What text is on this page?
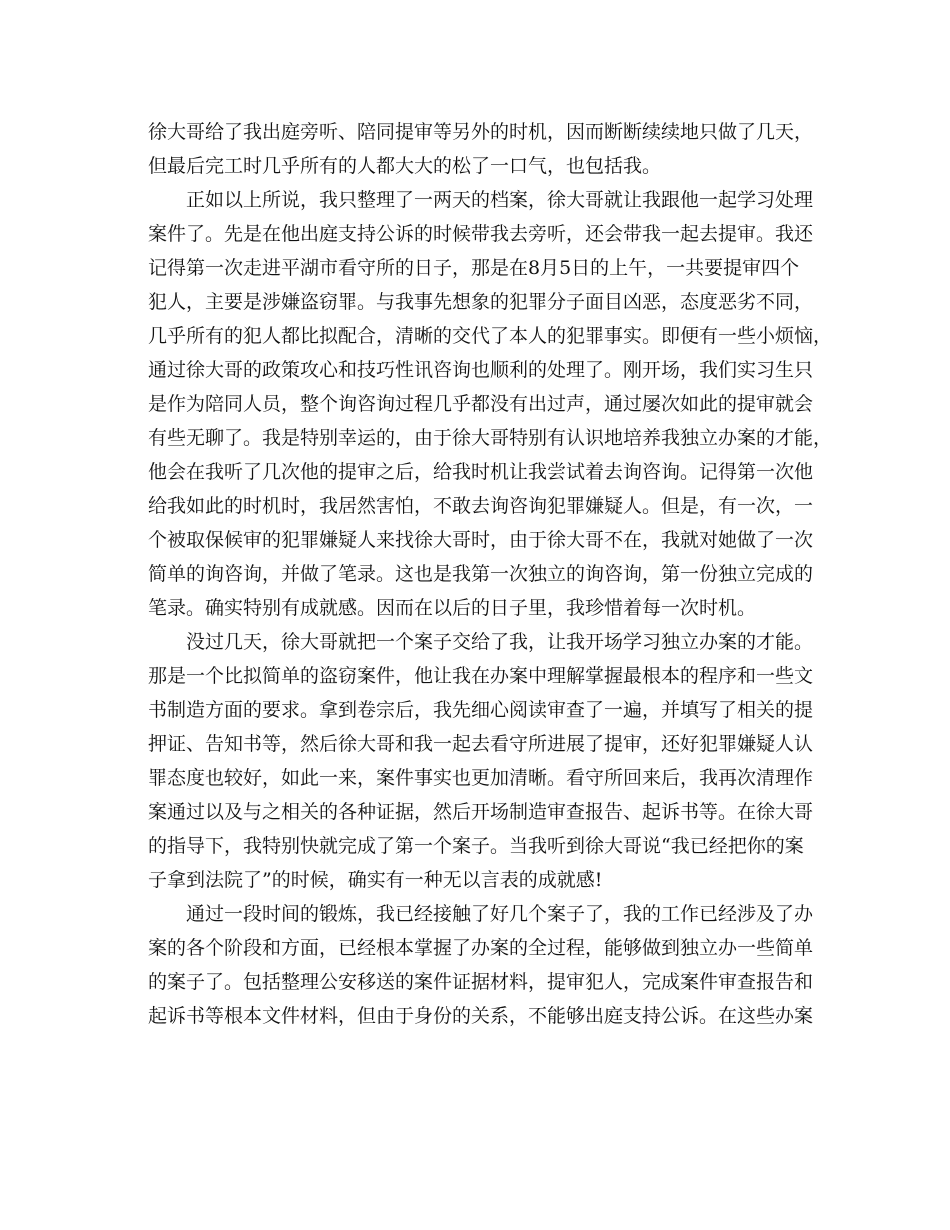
徐大哥给了我出庭旁听、陪同提审等另外的时机，因而断断续续地只做了几天，
但最后完工时几乎所有的人都大大的松了一口气，也包括我。
正如以上所说，我只整理了一两天的档案，徐大哥就让我跟他一起学习处理
案件了。先是在他出庭支持公诉的时候带我去旁听，还会带我一起去提审。我还
记得第一次走进平湖市看守所的日子，那是在8月5日的上午，一共要提审四个
犯人，主要是涉嫌盗窃罪。与我事先想象的犯罪分子面目凶恶，态度恶劣不同，
几乎所有的犯人都比拟配合，清晰的交代了本人的犯罪事实。即便有一些小烦恼，
通过徐大哥的政策攻心和技巧性讯咨询也顺利的处理了。刚开场，我们实习生只
是作为陪同人员，整个询咨询过程几乎都没有出过声，通过屡次如此的提审就会
有些无聊了。我是特别幸运的，由于徐大哥特别有认识地培养我独立办案的才能，
他会在我听了几次他的提审之后，给我时机让我尝试着去询咨询。记得第一次他
给我如此的时机时，我居然害怕，不敢去询咨询犯罪嫌疑人。但是，有一次，一
个被取保候审的犯罪嫌疑人来找徐大哥时，由于徐大哥不在，我就对她做了一次
简单的询咨询，并做了笔录。这也是我第一次独立的询咨询，第一份独立完成的
笔录。确实特别有成就感。因而在以后的日子里，我珍惜着每一次时机。
没过几天，徐大哥就把一个案子交给了我，让我开场学习独立办案的才能。
那是一个比拟简单的盗窃案件，他让我在办案中理解掌握最根本的程序和一些文
书制造方面的要求。拿到卷宗后，我先细心阅读审查了一遍，并填写了相关的提
押证、告知书等，然后徐大哥和我一起去看守所进展了提审，还好犯罪嫌疑人认
罪态度也较好，如此一来，案件事实也更加清晰。看守所回来后，我再次清理作
案通过以及与之相关的各种证据，然后开场制造审查报告、起诉书等。在徐大哥
的指导下，我特别快就完成了第一个案子。当我听到徐大哥说“我已经把你的案
子拿到法院了”的时候，确实有一种无以言表的成就感!
通过一段时间的锻炼，我已经接触了好几个案子了，我的工作已经涉及了办
案的各个阶段和方面，已经根本掌握了办案的全过程，能够做到独立办一些简单
的案子了。包括整理公安移送的案件证据材料，提审犯人，完成案件审查报告和
起诉书等根本文件材料，但由于身份的关系，不能够出庭支持公诉。在这些办案
